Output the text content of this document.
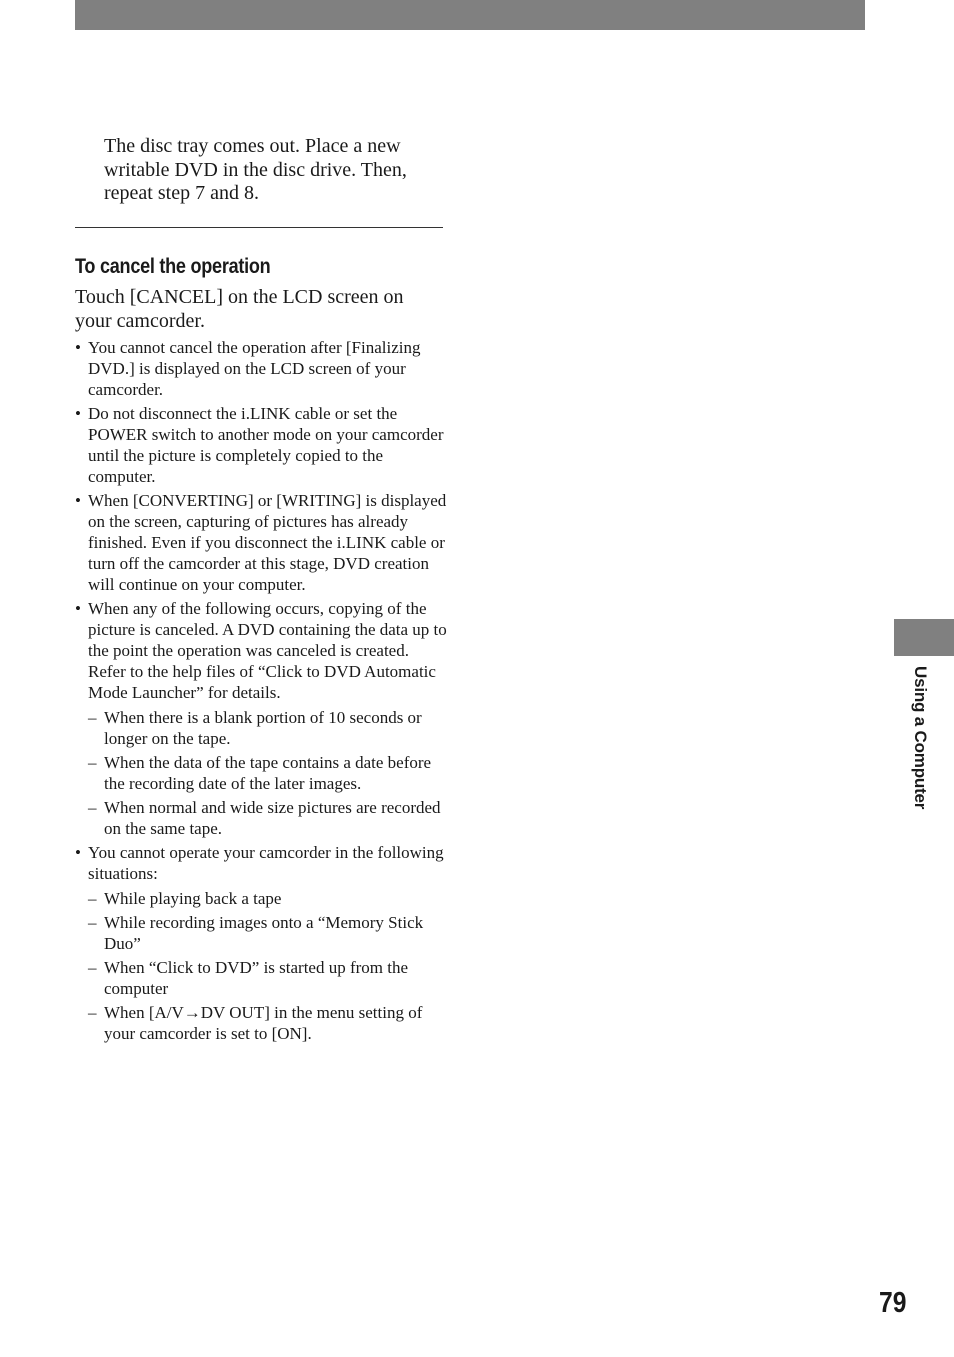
The disc tray comes out. Place a new writable DVD in the disc drive. Then, repeat step 7 and 8.

To cancel the operation

Touch [CANCEL] on the LCD screen on your camcorder.

• You cannot cancel the operation after [Finalizing DVD.] is displayed on the LCD screen of your camcorder.
• Do not disconnect the i.LINK cable or set the POWER switch to another mode on your camcorder until the picture is completely copied to the computer.
• When [CONVERTING] or [WRITING] is displayed on the screen, capturing of pictures has already finished. Even if you disconnect the i.LINK cable or turn off the camcorder at this stage, DVD creation will continue on your computer.
• When any of the following occurs, copying of the picture is canceled. A DVD containing the data up to the point the operation was canceled is created. Refer to the help files of “Click to DVD Automatic Mode Launcher” for details.
– When there is a blank portion of 10 seconds or longer on the tape.
– When the data of the tape contains a date before the recording date of the later images.
– When normal and wide size pictures are recorded on the same tape.
• You cannot operate your camcorder in the following situations:
– While playing back a tape
– While recording images onto a “Memory Stick Duo”
– When “Click to DVD” is started up from the computer
– When [A/V→DV OUT] in the menu setting of your camcorder is set to [ON].
Using a Computer

79
